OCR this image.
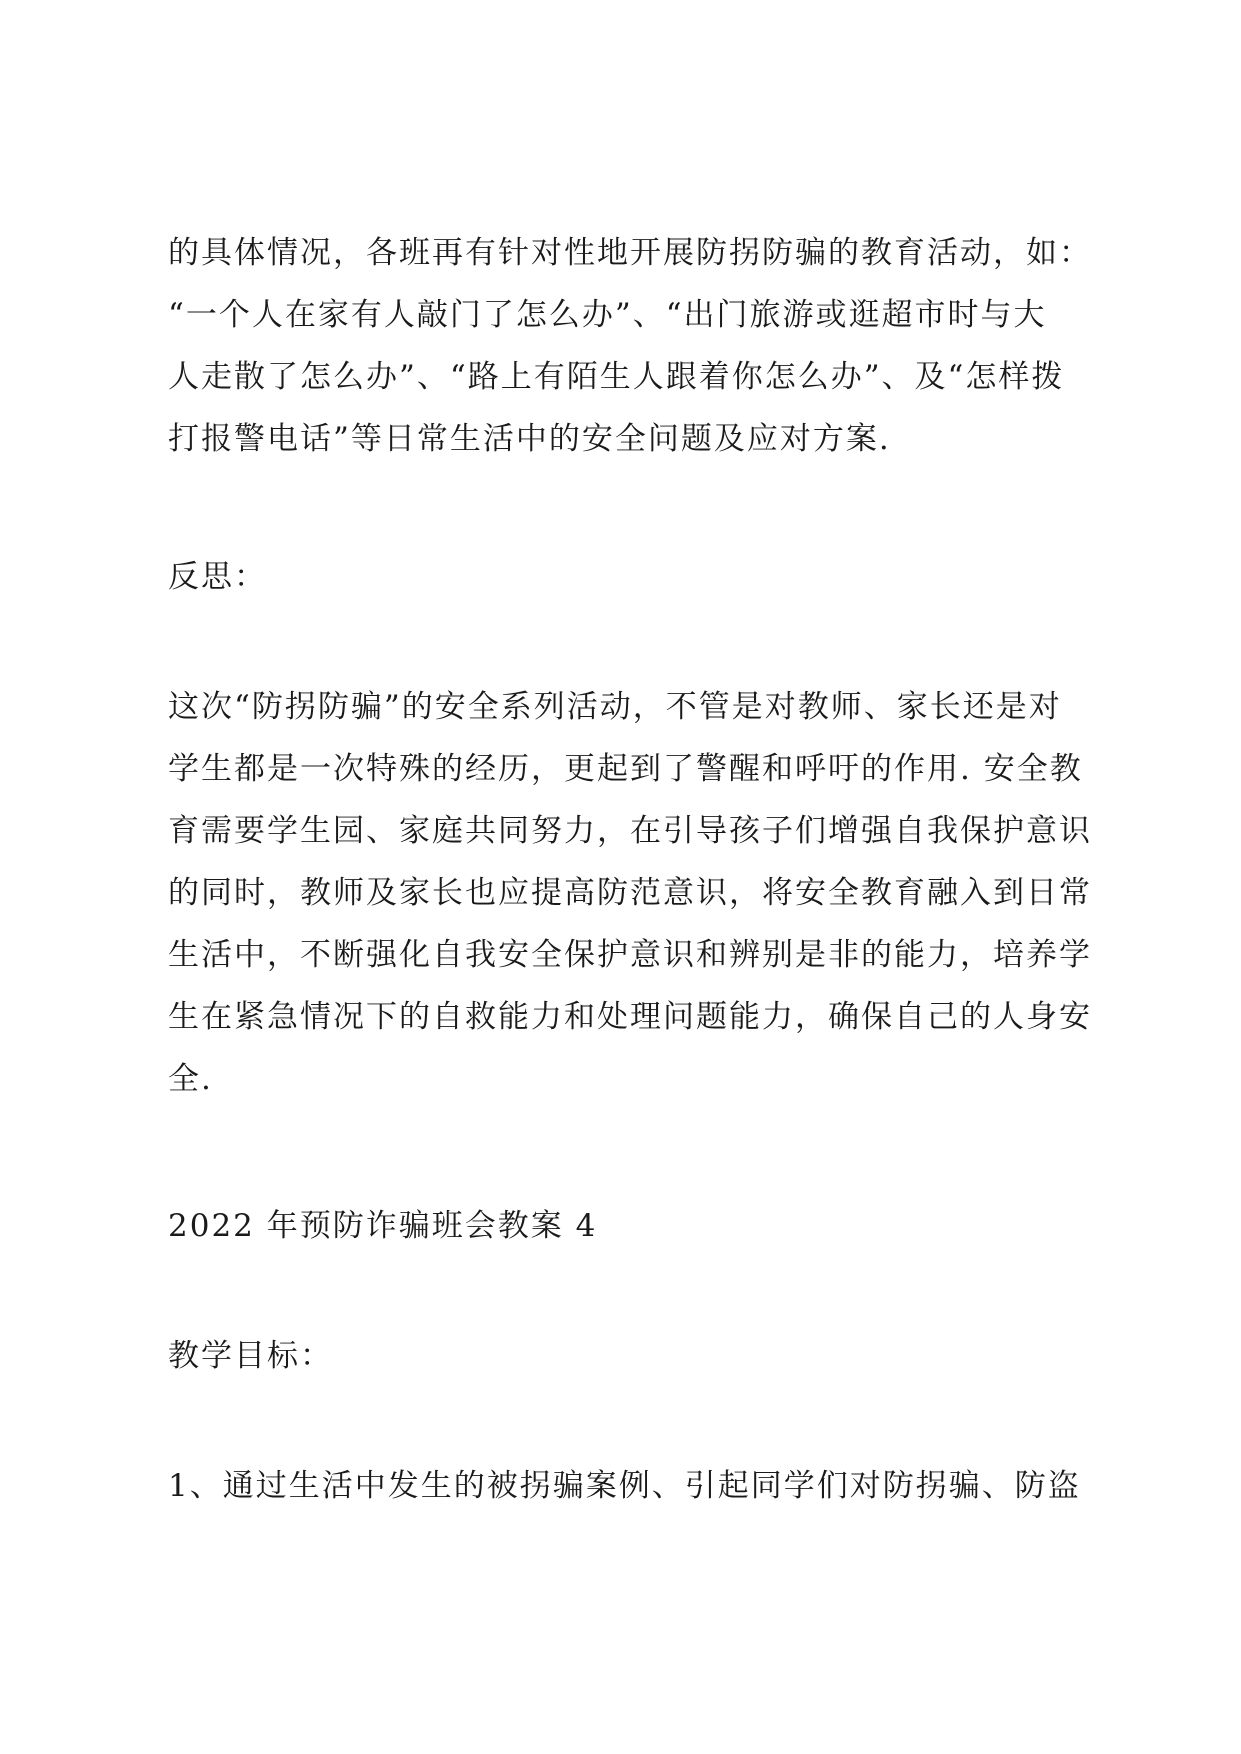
的具体情况，各班再有针对性地开展防拐防骗的教育活动，如：
“一个人在家有人敲门了怎么办”、“出门旅游或逛超市时与大
人走散了怎么办”、“路上有陌生人跟着你怎么办”、及“怎样拨
打报警电话”等日常生活中的安全问题及应对方案.
反思：
这次“防拐防骗”的安全系列活动，不管是对教师、家长还是对
学生都是一次特殊的经历，更起到了警醒和呼吁的作用. 安全教
育需要学生园、家庭共同努力，在引导孩子们增强自我保护意识
的同时，教师及家长也应提高防范意识，将安全教育融入到日常
生活中，不断强化自我安全保护意识和辨别是非的能力，培养学
生在紧急情况下的自救能力和处理问题能力，确保自己的人身安
全.
2022 年预防诈骗班会教案 4
教学目标：
1、通过生活中发生的被拐骗案例、引起同学们对防拐骗、防盗
